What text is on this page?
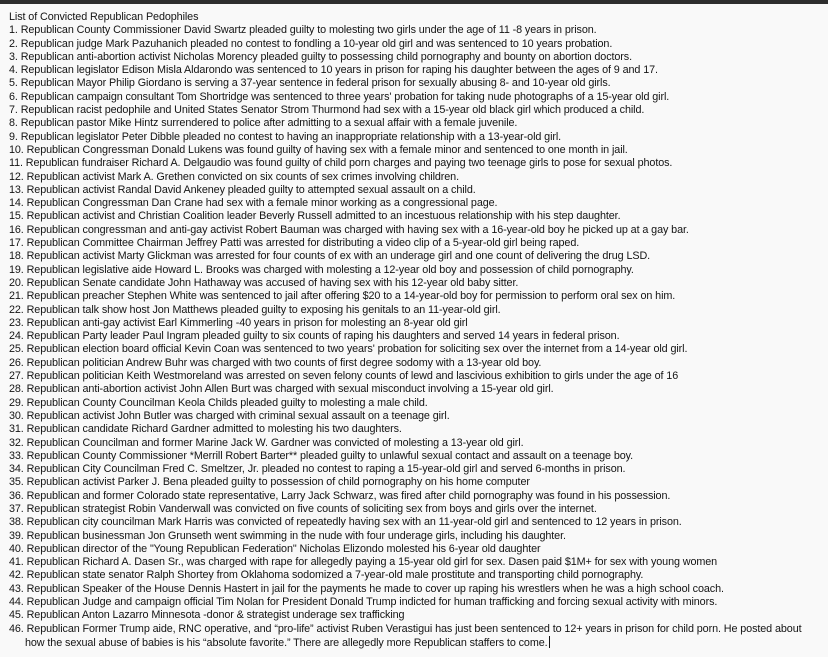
List of Convicted Republican Pedophiles
1. Republican County Commissioner David Swartz pleaded guilty to molesting two girls under the age of 11 -8 years in prison.
2. Republican judge Mark Pazuhanich pleaded no contest to fondling a 10-year old girl and was sentenced to 10 years probation.
3. Republican anti-abortion activist Nicholas Morency pleaded guilty to possessing child pornography and bounty on abortion doctors.
4. Republican legislator Edison Misla Aldarondo was sentenced to 10 years in prison for raping his daughter between the ages of 9 and 17.
5. Republican Mayor Philip Giordano is serving a 37-year sentence in federal prison for sexually abusing 8- and 10-year old girls.
6. Republican campaign consultant Tom Shortridge was sentenced to three years' probation for taking nude photographs of a 15-year old girl.
7. Republican racist pedophile and United States Senator Strom Thurmond had sex with a 15-year old black girl which produced a child.
8. Republican pastor Mike Hintz surrendered to police after admitting to a sexual affair with a female juvenile.
9. Republican legislator Peter Dibble pleaded no contest to having an inappropriate relationship with a 13-year-old girl.
10. Republican Congressman Donald Lukens was found guilty of having sex with a female minor and sentenced to one month in jail.
11. Republican fundraiser Richard A. Delgaudio was found guilty of child porn charges and paying two teenage girls to pose for sexual photos.
12. Republican activist Mark A. Grethen convicted on six counts of sex crimes involving children.
13. Republican activist Randal David Ankeney pleaded guilty to attempted sexual assault on a child.
14. Republican Congressman Dan Crane had sex with a female minor working as a congressional page.
15. Republican activist and Christian Coalition leader Beverly Russell admitted to an incestuous relationship with his step daughter.
16. Republican congressman and anti-gay activist Robert Bauman was charged with having sex with a 16-year-old boy he picked up at a gay bar.
17. Republican Committee Chairman Jeffrey Patti was arrested for distributing a video clip of a 5-year-old girl being raped.
18. Republican activist Marty Glickman was arrested for four counts of ex with an underage girl and one count of delivering the drug LSD.
19. Republican legislative aide Howard L. Brooks was charged with molesting a 12-year old boy and possession of child pornography.
20. Republican Senate candidate John Hathaway was accused of having sex with his 12-year old baby sitter.
21. Republican preacher Stephen White was sentenced to jail after offering $20 to a 14-year-old boy for permission to perform oral sex on him.
22. Republican talk show host Jon Matthews pleaded guilty to exposing his genitals to an 11-year-old girl.
23. Republican anti-gay activist Earl Kimmerling -40 years in prison for molesting an 8-year old girl
24. Republican Party leader Paul Ingram pleaded guilty to six counts of raping his daughters and served 14 years in federal prison.
25. Republican election board official Kevin Coan was sentenced to two years' probation for soliciting sex over the internet from a 14-year old girl.
26. Republican politician Andrew Buhr was charged with two counts of first degree sodomy with a 13-year old boy.
27. Republican politician Keith Westmoreland was arrested on seven felony counts of lewd and lascivious exhibition to girls under the age of 16
28. Republican anti-abortion activist John Allen Burt was charged with sexual misconduct involving a 15-year old girl.
29. Republican County Councilman Keola Childs pleaded guilty to molesting a male child.
30. Republican activist John Butler was charged with criminal sexual assault on a teenage girl.
31. Republican candidate Richard Gardner admitted to molesting his two daughters.
32. Republican Councilman and former Marine Jack W. Gardner was convicted of molesting a 13-year old girl.
33. Republican County Commissioner *Merrill Robert Barter** pleaded guilty to unlawful sexual contact and assault on a teenage boy.
34. Republican City Councilman Fred C. Smeltzer, Jr. pleaded no contest to raping a 15-year-old girl and served 6-months in prison.
35. Republican activist Parker J. Bena pleaded guilty to possession of child pornography on his home computer
36. Republican and former Colorado state representative, Larry Jack Schwarz, was fired after child pornography was found in his possession.
37. Republican strategist Robin Vanderwall was convicted on five counts of soliciting sex from boys and girls over the internet.
38. Republican city councilman Mark Harris was convicted of repeatedly having sex with an 11-year-old girl and sentenced to 12 years in prison.
39. Republican businessman Jon Grunseth went swimming in the nude with four underage girls, including his daughter.
40. Republican director of the "Young Republican Federation" Nicholas Elizondo molested his 6-year old daughter
41. Republican Richard A. Dasen Sr., was charged with rape for allegedly paying a 15-year old girl for sex. Dasen paid $1M+ for sex with young women
42. Republican state senator Ralph Shortey from Oklahoma sodomized a 7-year-old male prostitute and transporting child pornography.
43. Republican Speaker of the House Dennis Hastert in jail for the payments he made to cover up raping his wrestlers when he was a high school coach.
44. Republican Judge and campaign official Tim Nolan for President Donald Trump indicted for human trafficking and forcing sexual activity with minors.
45. Republican Anton Lazarro Minnesota -donor & strategist underage sex trafficking
46. Republican Former Trump aide, RNC operative, and “pro-life” activist Ruben Verastigui has just been sentenced to 12+ years in prison for child porn. He posted about how the sexual abuse of babies is his “absolute favorite.” There are allegedly more Republican staffers to come.
